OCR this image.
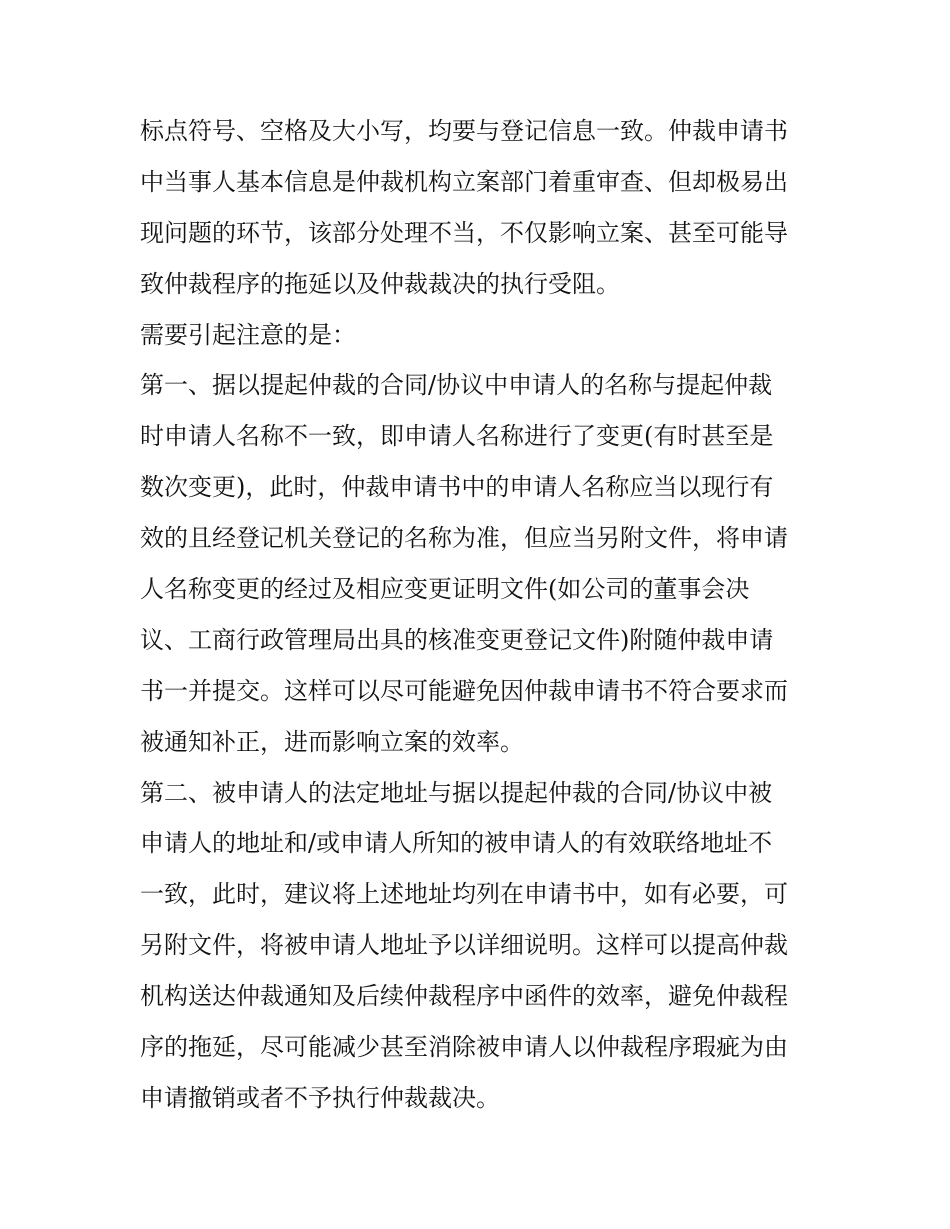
标点符号、空格及大小写，均要与登记信息一致。仲裁申请书
中当事人基本信息是仲裁机构立案部门着重审查、但却极易出
现问题的环节，该部分处理不当，不仅影响立案、甚至可能导
致仲裁程序的拖延以及仲裁裁决的执行受阻。
需要引起注意的是：
第一、据以提起仲裁的合同/协议中申请人的名称与提起仲裁
时申请人名称不一致，即申请人名称进行了变更(有时甚至是
数次变更)，此时，仲裁申请书中的申请人名称应当以现行有
效的且经登记机关登记的名称为准，但应当另附文件，将申请
人名称变更的经过及相应变更证明文件(如公司的董事会决
议、工商行政管理局出具的核准变更登记文件)附随仲裁申请
书一并提交。这样可以尽可能避免因仲裁申请书不符合要求而
被通知补正，进而影响立案的效率。
第二、被申请人的法定地址与据以提起仲裁的合同/协议中被
申请人的地址和/或申请人所知的被申请人的有效联络地址不
一致，此时，建议将上述地址均列在申请书中，如有必要，可
另附文件，将被申请人地址予以详细说明。这样可以提高仲裁
机构送达仲裁通知及后续仲裁程序中函件的效率，避免仲裁程
序的拖延，尽可能减少甚至消除被申请人以仲裁程序瑕疵为由
申请撤销或者不予执行仲裁裁决。
